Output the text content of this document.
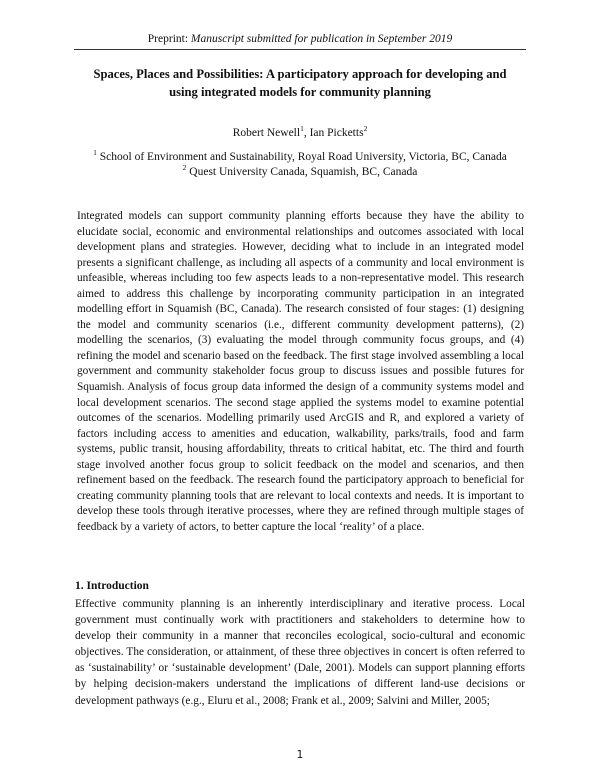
Preprint: Manuscript submitted for publication in September 2019
Spaces, Places and Possibilities: A participatory approach for developing and
using integrated models for community planning
Robert Newell$^1$, Ian Picketts$^2$
$^1$ School of Environment and Sustainability, Royal Road University, Victoria, BC, Canada
$^2$ Quest University Canada, Squamish, BC, Canada

Integrated models can support community planning efforts because they have the ability to elucidate social, economic and environmental relationships and outcomes associated with local development plans and strategies. However, deciding what to include in an integrated model presents a significant challenge, as including all aspects of a community and local environment is unfeasible, whereas including too few aspects leads to a non-representative model. This research aimed to address this challenge by incorporating community participation in an integrated modelling effort in Squamish (BC, Canada). The research consisted of four stages: (1) designing the model and community scenarios (i.e., different community development patterns), (2) modelling the scenarios, (3) evaluating the model through community focus groups, and (4) refining the model and scenario based on the feedback. The first stage involved assembling a local government and community stakeholder focus group to discuss issues and possible futures for Squamish. Analysis of focus group data informed the design of a community systems model and local development scenarios. The second stage applied the systems model to examine potential outcomes of the scenarios. Modelling primarily used ArcGIS and R, and explored a variety of factors including access to amenities and education, walkability, parks/trails, food and farm systems, public transit, housing affordability, threats to critical habitat, etc. The third and fourth stage involved another focus group to solicit feedback on the model and scenarios, and then refinement based on the feedback. The research found the participatory approach to beneficial for creating community planning tools that are relevant to local contexts and needs. It is important to develop these tools through iterative processes, where they are refined through multiple stages of feedback by a variety of actors, to better capture the local ‘reality’ of a place.

1. Introduction

Effective community planning is an inherently interdisciplinary and iterative process. Local government must continually work with practitioners and stakeholders to determine how to develop their community in a manner that reconciles ecological, socio-cultural and economic objectives. The consideration, or attainment, of these three objectives in concert is often referred to as ‘sustainability’ or ‘sustainable development’ (Dale, 2001). Models can support planning efforts by helping decision-makers understand the implications of different land-use decisions or development pathways (e.g., Eluru et al., 2008; Frank et al., 2009; Salvini and Miller, 2005;

1
